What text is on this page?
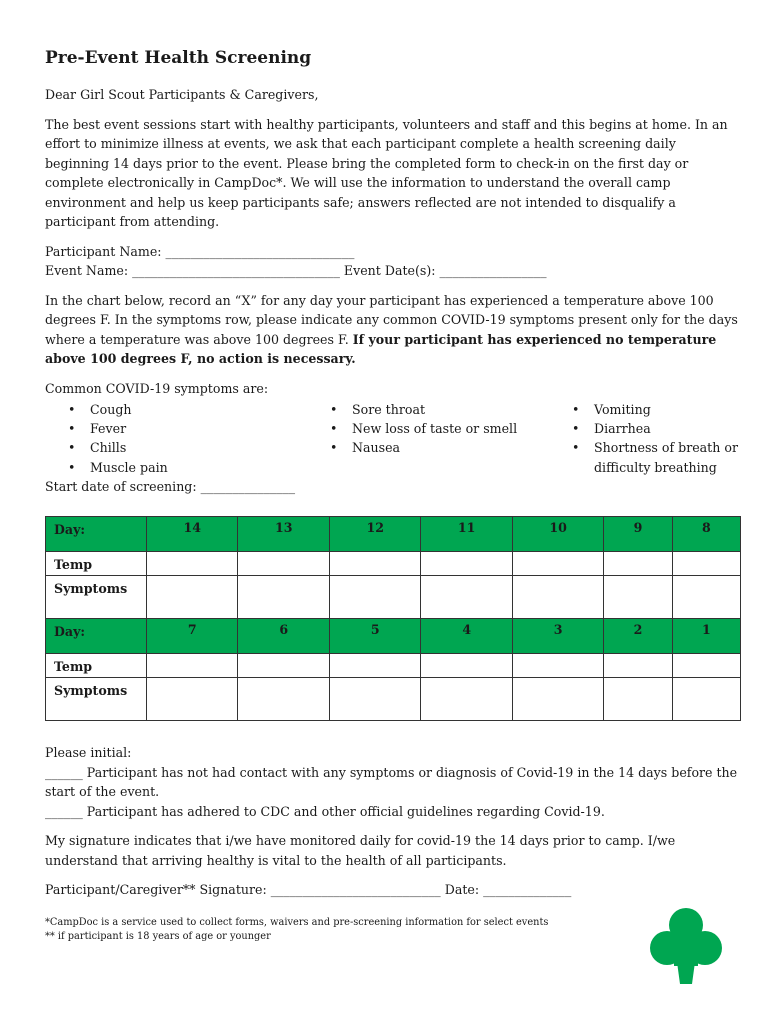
Pre-Event Health Screening

Dear Girl Scout Participants & Caregivers,

The best event sessions start with healthy participants, volunteers and staff and this begins at home. In an effort to minimize illness at events, we ask that each participant complete a health screening daily beginning 14 days prior to the event. Please bring the completed form to check-in on the first day or complete electronically in CampDoc*. We will use the information to understand the overall camp environment and help us keep participants safe; answers reflected are not intended to disqualify a participant from attending.

Participant Name: ______________________________

Event Name: _________________________________ Event Date(s): _________________

In the chart below, record an “X” for any day your participant has experienced a temperature above 100 degrees F. In the symptoms row, please indicate any common COVID-19 symptoms present only for the days where a temperature was above 100 degrees F. If your participant has experienced no temperature above 100 degrees F, no action is necessary.

Common COVID-19 symptoms are:

• Cough
• Fever
• Chills
• Muscle pain
• Sore throat
• New loss of taste or smell
• Nausea
• Vomiting
• Diarrhea
• Shortness of breath or difficulty breathing

Start date of screening: _______________

Day:	14	13	12	11	10	9	8
Temp							
Symptoms							
Day:	7	6	5	4	3	2	1
Temp							
Symptoms							

Please initial:

______ Participant has not had contact with any symptoms or diagnosis of Covid-19 in the 14 days before the start of the event.

______ Participant has adhered to CDC and other official guidelines regarding Covid-19.

My signature indicates that i/we have monitored daily for covid-19 the 14 days prior to camp. I/we understand that arriving healthy is vital to the health of all participants.

Participant/Caregiver** Signature: ___________________________ Date: ______________

*CampDoc is a service used to collect forms, waivers and pre-screening information for select events
** if participant is 18 years of age or younger
